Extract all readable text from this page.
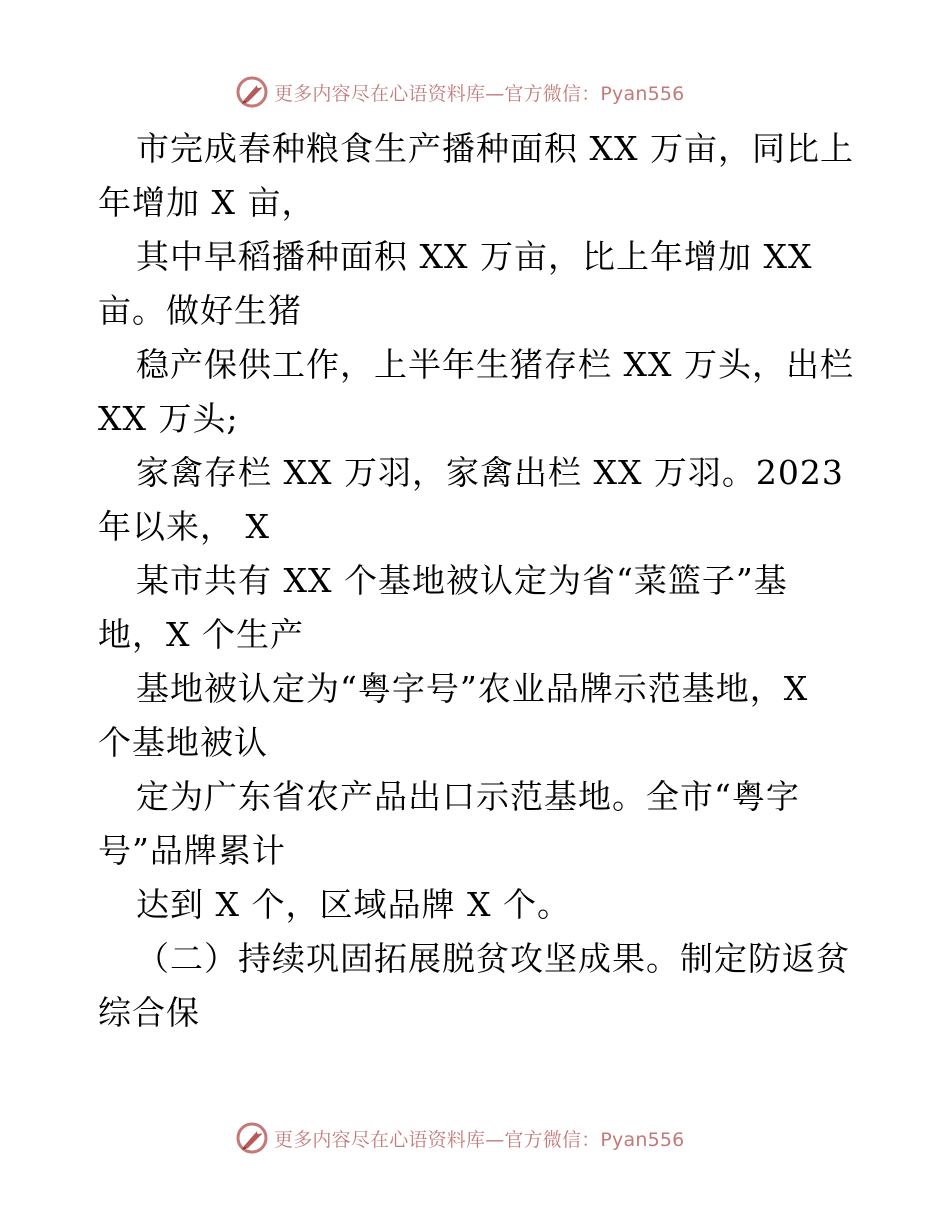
更多内容尽在心语资料库—官方微信：Pyan556
市完成春种粮食生产播种面积 XX 万亩，同比上
年增加 X 亩，
其中早稻播种面积 XX 万亩，比上年增加 XX
亩。做好生猪
稳产保供工作，上半年生猪存栏 XX 万头，出栏
XX 万头;
家禽存栏 XX 万羽，家禽出栏 XX 万羽。2023
年以来， X
某市共有 XX 个基地被认定为省“菜篮子”基
地，X 个生产
基地被认定为“粤字号”农业品牌示范基地，X
个基地被认
定为广东省农产品出口示范基地。全市“粤字
号”品牌累计
达到 X 个，区域品牌 X 个。
（二）持续巩固拓展脱贫攻坚成果。制定防返贫
综合保
更多内容尽在心语资料库—官方微信：Pyan556
